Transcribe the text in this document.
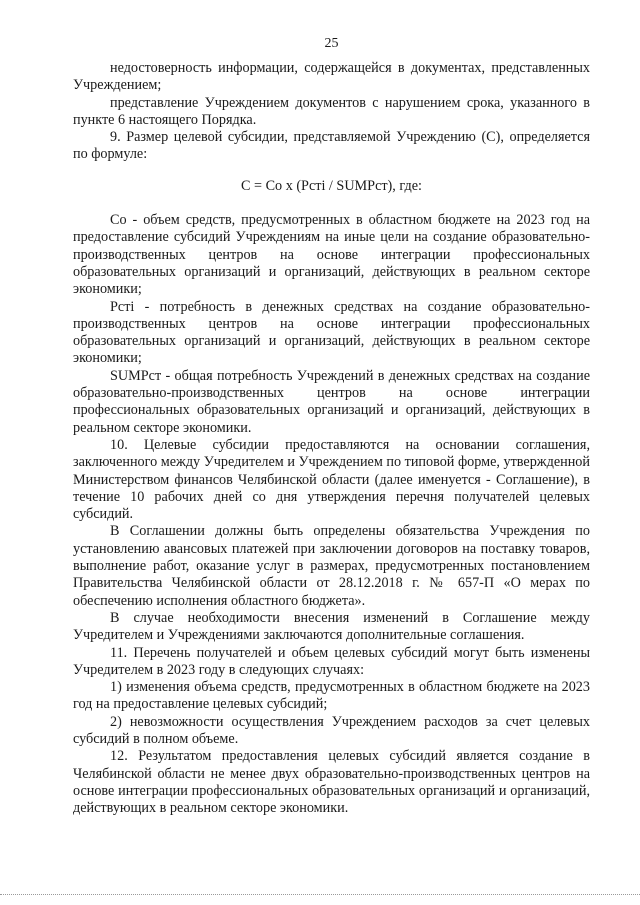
25

недостоверность информации, содержащейся в документах, представленных Учреждением;

представление Учреждением документов с нарушением срока, указанного в пункте 6 настоящего Порядка.

9. Размер целевой субсидии, представляемой Учреждению (С), определяется по формуле:

C = Co x (Pcтi / SUMPст), где:

Co - объем средств, предусмотренных в областном бюджете на 2023 год на предоставление субсидий Учреждениям на иные цели на создание образовательно-производственных центров на основе интеграции профессиональных образовательных организаций и организаций, действующих в реальном секторе экономики;

Pcтi - потребность в денежных средствах на создание образовательно-производственных центров на основе интеграции профессиональных образовательных организаций и организаций, действующих в реальном секторе экономики;

SUMPст - общая потребность Учреждений в денежных средствах на создание образовательно-производственных центров на основе интеграции профессиональных образовательных организаций и организаций, действующих в реальном секторе экономики.

10. Целевые субсидии предоставляются на основании соглашения, заключенного между Учредителем и Учреждением по типовой форме, утвержденной Министерством финансов Челябинской области (далее именуется - Соглашение), в течение 10 рабочих дней со дня утверждения перечня получателей целевых субсидий.

В Соглашении должны быть определены обязательства Учреждения по установлению авансовых платежей при заключении договоров на поставку товаров, выполнение работ, оказание услуг в размерах, предусмотренных постановлением Правительства Челябинской области от 28.12.2018 г. № 657-П «О мерах по обеспечению исполнения областного бюджета».

В случае необходимости внесения изменений в Соглашение между Учредителем и Учреждениями заключаются дополнительные соглашения.

11. Перечень получателей и объем целевых субсидий могут быть изменены Учредителем в 2023 году в следующих случаях:

1) изменения объема средств, предусмотренных в областном бюджете на 2023 год на предоставление целевых субсидий;

2) невозможности осуществления Учреждением расходов за счет целевых субсидий в полном объеме.

12. Результатом предоставления целевых субсидий является создание в Челябинской области не менее двух образовательно-производственных центров на основе интеграции профессиональных образовательных организаций и организаций, действующих в реальном секторе экономики.
